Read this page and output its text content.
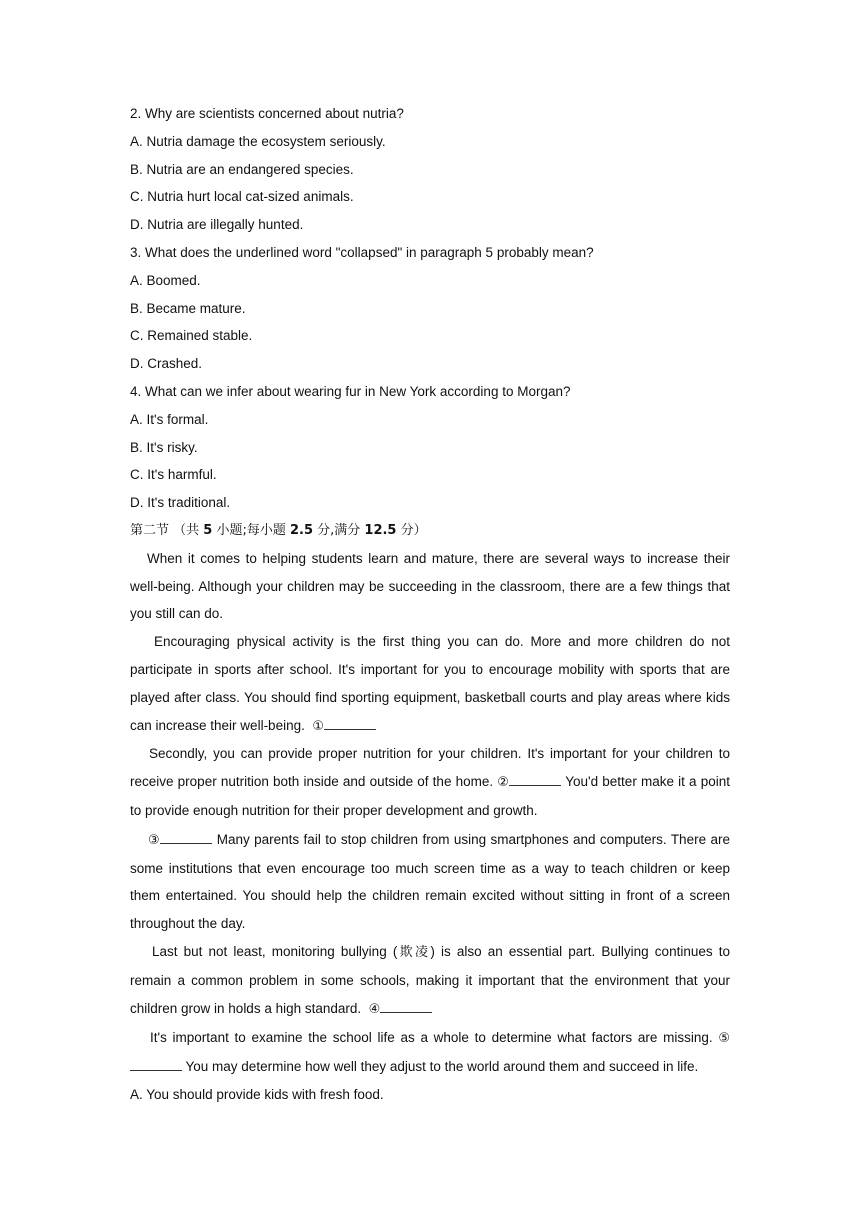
2. Why are scientists concerned about nutria?
A. Nutria damage the ecosystem seriously.
B. Nutria are an endangered species.
C. Nutria hurt local cat-sized animals.
D. Nutria are illegally hunted.
3. What does the underlined word "collapsed" in paragraph 5 probably mean?
A. Boomed.
B. Became mature.
C. Remained stable.
D. Crashed.
4. What can we infer about wearing fur in New York according to Morgan?
A. It's formal.
B. It's risky.
C. It's harmful.
D. It's traditional.
第二节 （共 5 小题;每小题 2.5 分,满分 12.5 分）
When it comes to helping students learn and mature, there are several ways to increase their well-being. Although your children may be succeeding in the classroom, there are a few things that you still can do.
Encouraging physical activity is the first thing you can do. More and more children do not participate in sports after school. It's important for you to encourage mobility with sports that are played after class. You should find sporting equipment, basketball courts and play areas where kids can increase their well-being. ①
Secondly, you can provide proper nutrition for your children. It's important for your children to receive proper nutrition both inside and outside of the home. ②	You'd better make it a point to provide enough nutrition for their proper development and growth.
③	Many parents fail to stop children from using smartphones and computers. There are some institutions that even encourage too much screen time as a way to teach children or keep them entertained. You should help the children remain excited without sitting in front of a screen throughout the day.
Last but not least, monitoring bullying (欺凌) is also an essential part. Bullying continues to remain a common problem in some schools, making it important that the environment that your children grow in holds a high standard. ④
It's important to examine the school life as a whole to determine what factors are missing. ⑤  You may determine how well they adjust to the world around them and succeed in life.
A. You should provide kids with fresh food.
